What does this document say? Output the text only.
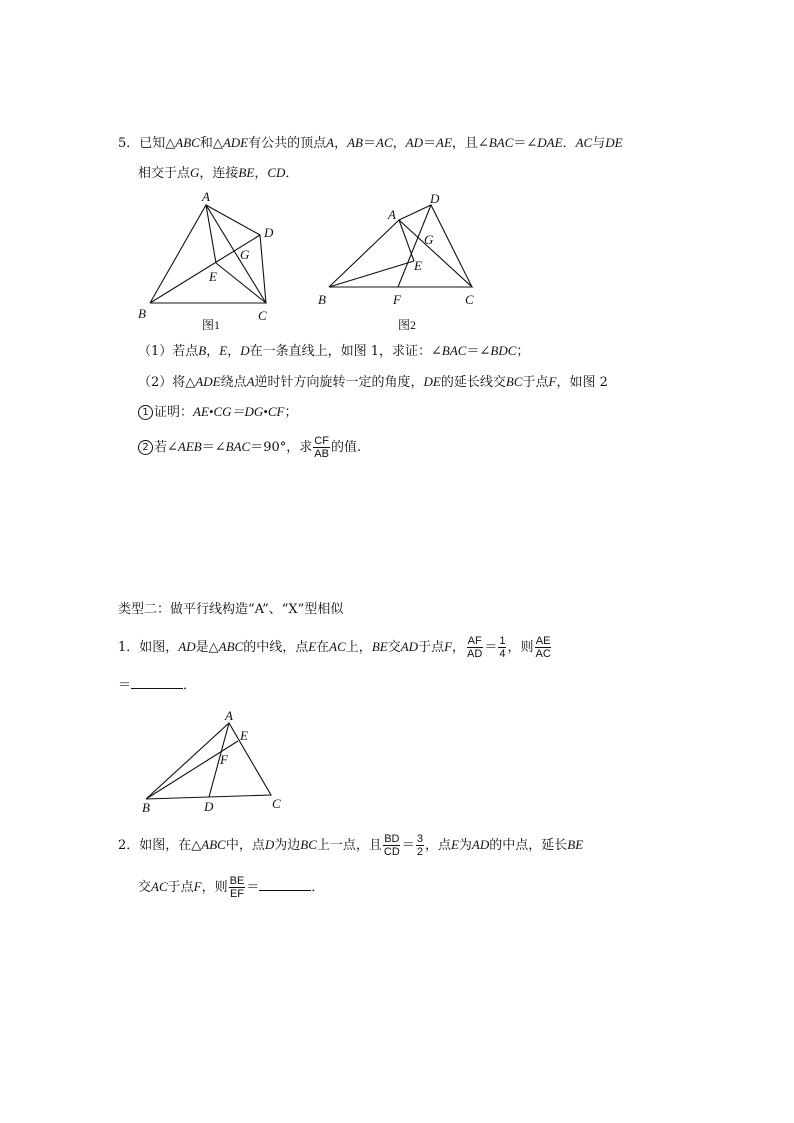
5．已知△ABC和△ADE有公共的顶点A，AB＝AC，AD＝AE，且∠BAC＝∠DAE．AC与DE
相交于点G，连接BE，CD．
A
B	C
D
E
G
图1
A
B	C
D
E
F
G
图2
A
B	C
D
E
F
（1）若点B，E，D在一条直线上，如图 1，求证：∠BAC＝∠BDC；
（2）将△ADE绕点A逆时针方向旋转一定的角度，DE的延长线交BC于点F，如图 2
1 证明：AE•CG＝DG•CF；
2 若∠AEB＝∠BAC＝90°，求 $\frac{CF}{AB}$ 的值.
类型二：做平行线构造“A”、“X”型相似
1．如图，AD是△ABC的中线，点E在AC上，BE交AD于点F， $\frac{AF}{AD} = \frac{1}{4}$ ，则 $\frac{AE}{AC}$
＝	．
2．如图，在△ABC中，点D为边BC上一点，且 $\frac{BD}{CD} = \frac{3}{2}$ ，点E为AD的中点，延长BE
交AC于点F，则 $\frac{BE}{EF}$ ＝	．
